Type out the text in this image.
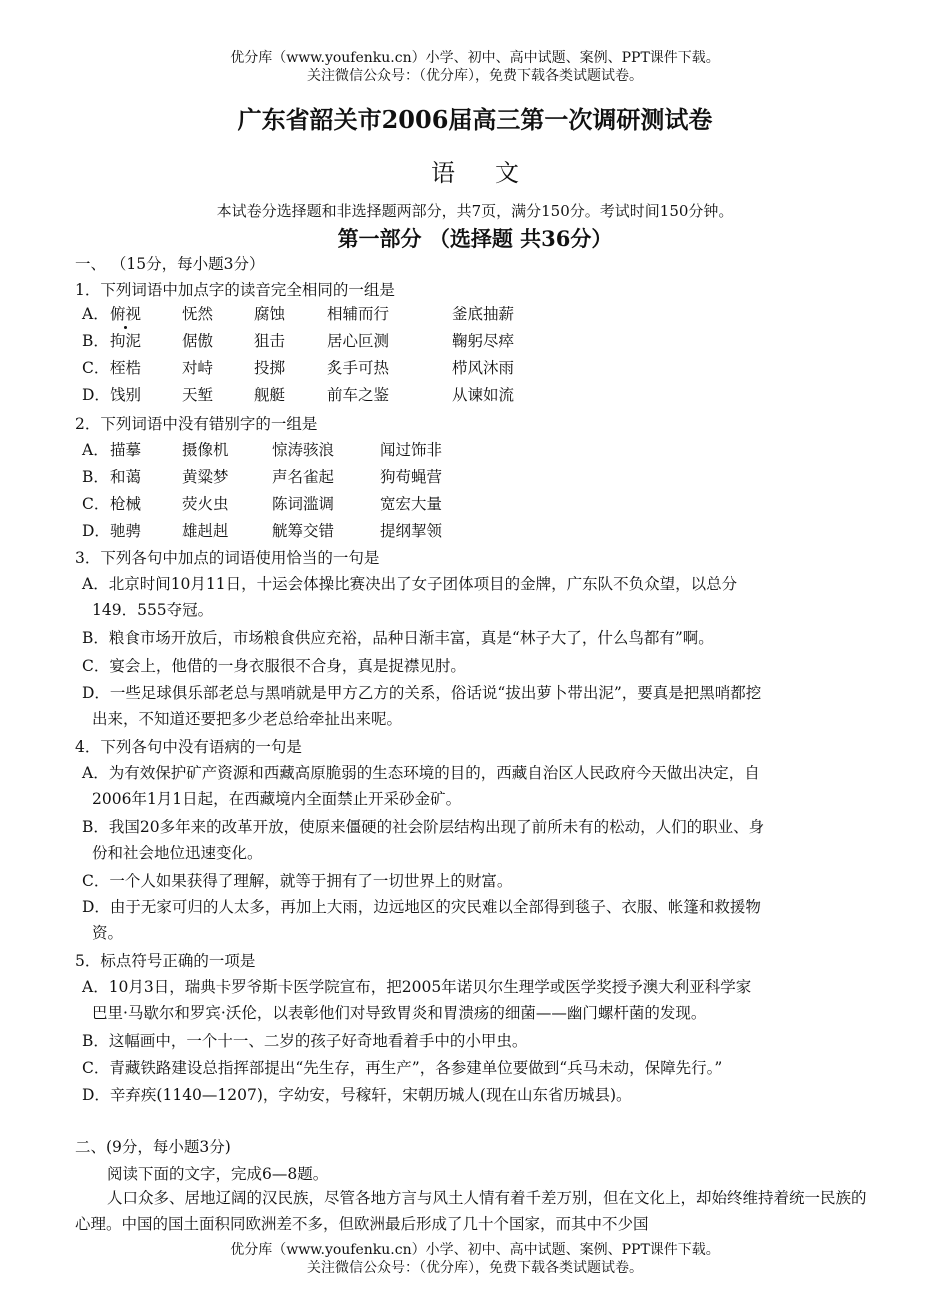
优分库（www.youfenku.cn）小学、初中、高中试题、案例、PPT课件下载。
关注微信公众号：（优分库），免费下载各类试题试卷。
广东省韶关市2006届高三第一次调研测试卷
语文
本试卷分选择题和非选择题两部分，共7页，满分150分。考试时间150分钟。
第一部分 （选择题 共36分）
一、 （15分，每小题3分）
1．下列词语中加点字的读音完全相同的一组是
A． 俯视	怃然	腐蚀	相辅而行	釜底抽薪
B． 拘泥	倨傲	狙击	居心叵测	鞠躬尽瘁
C． 桎梏	对峙	投掷	炙手可热	栉风沐雨
D． 饯别	天堑	舰艇	前车之鉴	从谏如流
2．下列词语中没有错别字的一组是
A． 描摹	摄像机	惊涛骇浪	闻过饰非
B． 和蔼	黄粱梦	声名雀起	狗苟蝇营
C． 枪械	荧火虫	陈词滥调	宽宏大量
D． 驰骋	雄赳赳	觥筹交错	提纲挈领
3．下列各句中加点的词语使用恰当的一句是
A．北京时间10月11日，十运会体操比赛决出了女子团体项目的金牌，广东队不负众望，以总分
149．555夺冠。
B．粮食市场开放后，市场粮食供应充裕，品种日渐丰富，真是“林子大了，什么鸟都有”啊。
C．宴会上，他借的一身衣服很不合身，真是捉襟见肘。
D．一些足球俱乐部老总与黑哨就是甲方乙方的关系，俗话说“拔出萝卜带出泥”，要真是把黑哨都挖
出来，不知道还要把多少老总给牵扯出来呢。
4．下列各句中没有语病的一句是
A．为有效保护矿产资源和西藏高原脆弱的生态环境的目的，西藏自治区人民政府今天做出决定，自
2006年1月1日起，在西藏境内全面禁止开采砂金矿。
B．我国20多年来的改革开放，使原来僵硬的社会阶层结构出现了前所未有的松动，人们的职业、身
份和社会地位迅速变化。
C．一个人如果获得了理解，就等于拥有了一切世界上的财富。
D．由于无家可归的人太多，再加上大雨，边远地区的灾民难以全部得到毯子、衣服、帐篷和救援物
资。
5．标点符号正确的一项是
A．10月3日，瑞典卡罗爷斯卡医学院宣布，把2005年诺贝尔生理学或医学奖授予澳大利亚科学家
巴里·马歇尔和罗宾·沃伦，以表彰他们对导致胃炎和胃溃疡的细菌——幽门螺杆菌的发现。
B．这幅画中，一个十一、二岁的孩子好奇地看着手中的小甲虫。
C．青藏铁路建设总指挥部提出“先生存，再生产”，各参建单位要做到“兵马未动，保障先行。”
D．辛弃疾(1140—1207)，字幼安，号稼轩，宋朝历城人(现在山东省历城县)。
二、(9分，每小题3分)
阅读下面的文字，完成6—8题。
人口众多、居地辽阔的汉民族，尽管各地方言与风土人情有着千差万别，但在文化上，却始终维持着统一民族的心理。中国的国土面积同欧洲差不多，但欧洲最后形成了几十个国家，而其中不少国
优分库（www.youfenku.cn）小学、初中、高中试题、案例、PPT课件下载。
关注微信公众号：（优分库），免费下载各类试题试卷。
